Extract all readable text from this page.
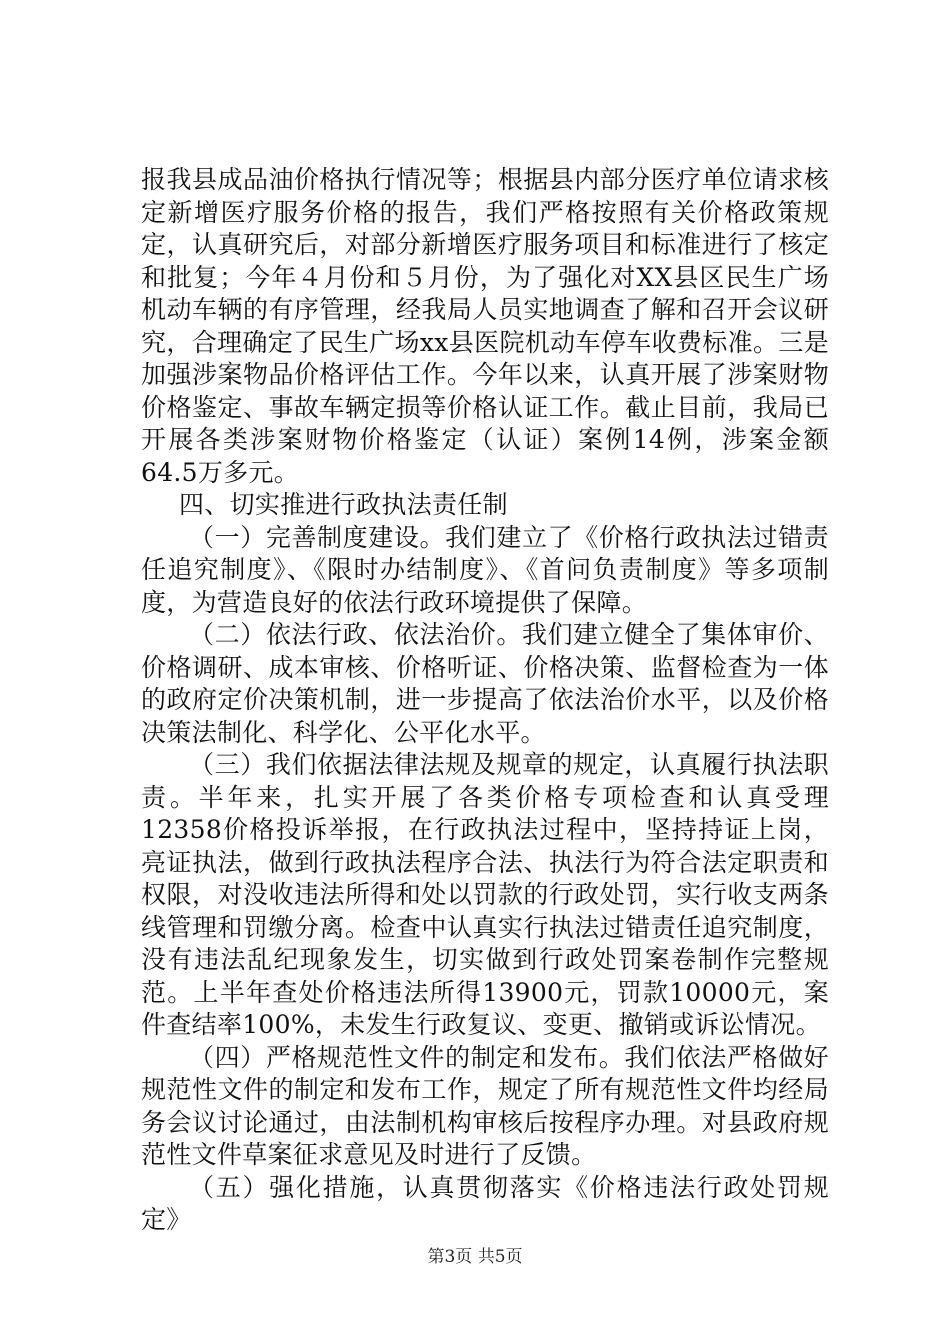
报我县成品油价格执行情况等；根据县内部分医疗单位请求核定新增医疗服务价格的报告，我们严格按照有关价格政策规定，认真研究后，对部分新增医疗服务项目和标准进行了核定和批复；今年４月份和５月份，为了强化对XX县区民生广场机动车辆的有序管理，经我局人员实地调查了解和召开会议研究，合理确定了民生广场xx县医院机动车停车收费标准。三是加强涉案物品价格评估工作。今年以来，认真开展了涉案财物价格鉴定、事故车辆定损等价格认证工作。截止目前，我局已开展各类涉案财物价格鉴定（认证）案例14例，涉案金额64.5万多元。

四、切实推进行政执法责任制

（一）完善制度建设。我们建立了《价格行政执法过错责任追究制度》、《限时办结制度》、《首问负责制度》等多项制度，为营造良好的依法行政环境提供了保障。

（二）依法行政、依法治价。我们建立健全了集体审价、价格调研、成本审核、价格听证、价格决策、监督检查为一体的政府定价决策机制，进一步提高了依法治价水平，以及价格决策法制化、科学化、公平化水平。

（三）我们依据法律法规及规章的规定，认真履行执法职责。半年来，扎实开展了各类价格专项检查和认真受理12358价格投诉举报，在行政执法过程中，坚持持证上岗，亮证执法，做到行政执法程序合法、执法行为符合法定职责和权限，对没收违法所得和处以罚款的行政处罚，实行收支两条线管理和罚缴分离。检查中认真实行执法过错责任追究制度，没有违法乱纪现象发生，切实做到行政处罚案卷制作完整规范。上半年查处价格违法所得13900元，罚款10000元，案件查结率100%，未发生行政复议、变更、撤销或诉讼情况。

（四）严格规范性文件的制定和发布。我们依法严格做好规范性文件的制定和发布工作，规定了所有规范性文件均经局务会议讨论通过，由法制机构审核后按程序办理。对县政府规范性文件草案征求意见及时进行了反馈。

（五）强化措施，认真贯彻落实《价格违法行政处罚规定》

第3页 共5页
